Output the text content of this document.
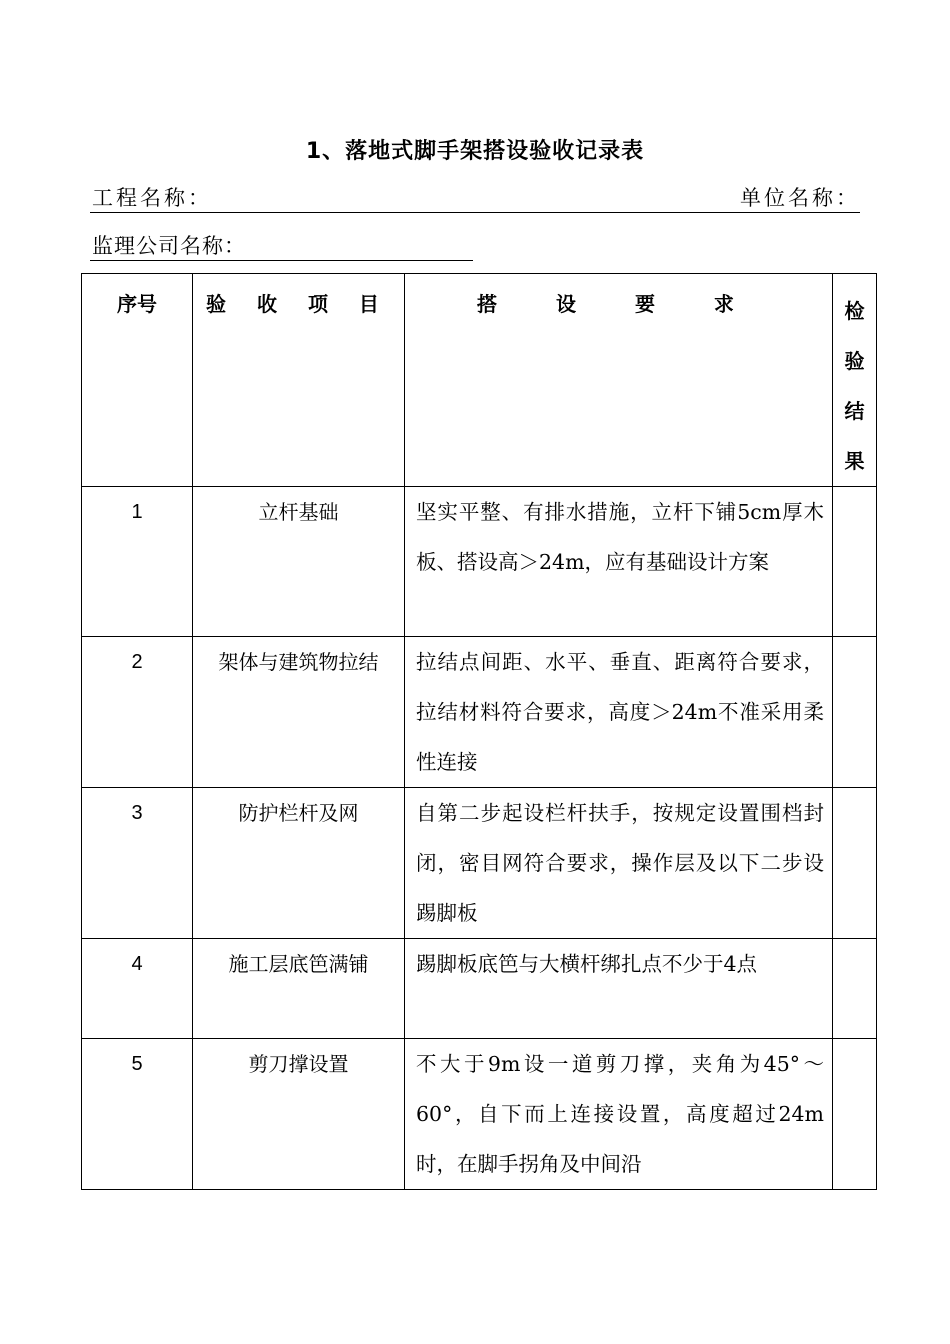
1、落地式脚手架搭设验收记录表
工程名称：	单位名称：
监理公司名称：
序号	验 收 项 目	搭 设 要 求	检验结果

1	立杆基础	坚实平整、有排水措施，立杆下铺5cm厚木板、搭设高＞24m，应有基础设计方案	

2	架体与建筑物拉结	拉结点间距、水平、垂直、距离符合要求，拉结材料符合要求，高度＞24m不准采用柔性连接	

3	防护栏杆及网	自第二步起设栏杆扶手，按规定设置围档封闭，密目网符合要求，操作层及以下二步设踢脚板	

4	施工层底笆满铺	踢脚板底笆与大横杆绑扎点不少于4点	

5	剪刀撑设置	不大于9m设一道剪刀撑，夹角为45°～60°，自下而上连接设置，高度超过24m时，在脚手拐角及中间沿	
